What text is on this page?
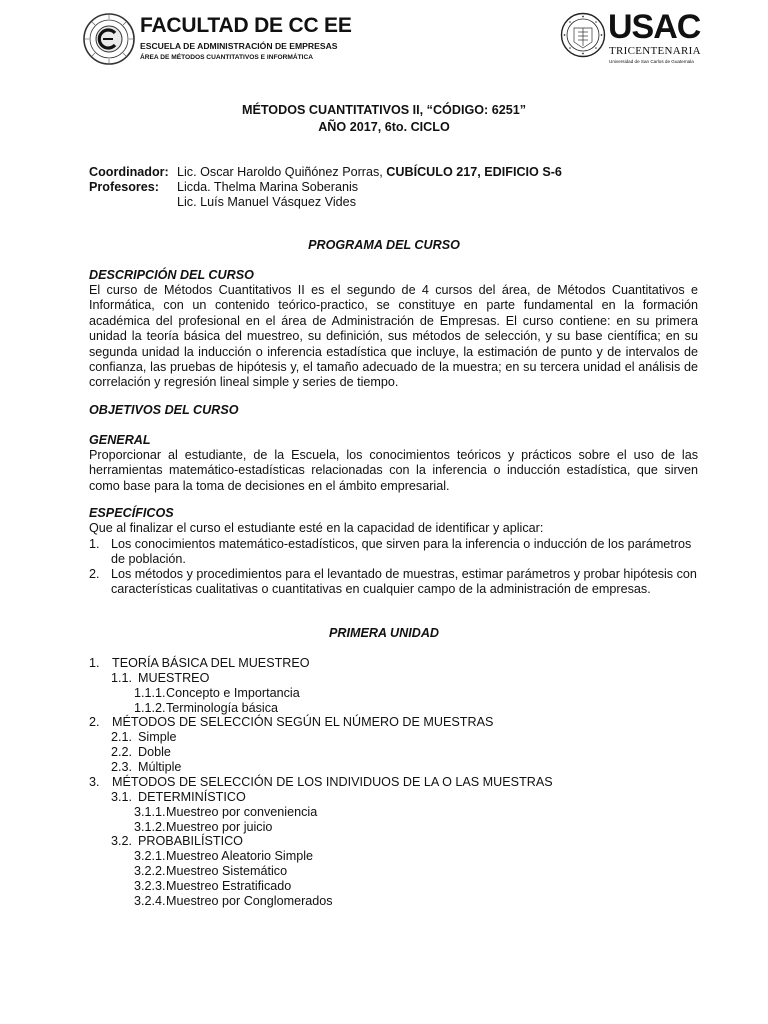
FACULTAD DE CC EE
ESCUELA DE ADMINISTRACIÓN DE EMPRESAS
ÁREA DE MÉTODOS CUANTITATIVOS E INFORMÁTICA
USAC
TRICENTENARIA
Universidad de San Carlos de Guatemala
MÉTODOS CUANTITATIVOS II, “CÓDIGO: 6251”
AÑO 2017, 6to. CICLO
Coordinador: Lic. Oscar Haroldo Quiñónez Porras, CUBÍCULO 217, EDIFICIO S-6
Profesores: Licda. Thelma Marina Soberanis
Lic. Luís Manuel Vásquez Vides
PROGRAMA DEL CURSO
DESCRIPCIÓN DEL CURSO
El curso de Métodos Cuantitativos II es el segundo de 4 cursos del área, de Métodos Cuantitativos e Informática, con un contenido teórico-practico, se constituye en parte fundamental en la formación académica del profesional en el área de Administración de Empresas. El curso contiene: en su primera unidad la teoría básica del muestreo, su definición, sus métodos de selección, y su base científica; en su segunda unidad la inducción o inferencia estadística que incluye, la estimación de punto y de intervalos de confianza, las pruebas de hipótesis y, el tamaño adecuado de la muestra; en su tercera unidad el análisis de correlación y regresión lineal simple y series de tiempo.
OBJETIVOS DEL CURSO
GENERAL
Proporcionar al estudiante, de la Escuela, los conocimientos teóricos y prácticos sobre el uso de las herramientas matemático-estadísticas relacionadas con la inferencia o inducción estadística, que sirven como base para la toma de decisiones en el ámbito empresarial.
ESPECÍFICOS
Que al finalizar el curso el estudiante esté en la capacidad de identificar y aplicar:
1. Los conocimientos matemático-estadísticos, que sirven para la inferencia o inducción de los parámetros
de población.
2. Los métodos y procedimientos para el levantado de muestras, estimar parámetros y probar hipótesis con
características cualitativas o cuantitativas en cualquier campo de la administración de empresas.
PRIMERA UNIDAD
1. TEORÍA BÁSICA DEL MUESTREO
1.1. MUESTREO
1.1.1. Concepto e Importancia
1.1.2. Terminología básica
2. MÉTODOS DE SELECCIÓN SEGÚN EL NÚMERO DE MUESTRAS
2.1. Simple
2.2. Doble
2.3. Múltiple
3. MÉTODOS DE SELECCIÓN DE LOS INDIVIDUOS DE LA O LAS MUESTRAS
3.1. DETERMINÍSTICO
3.1.1. Muestreo por conveniencia
3.1.2. Muestreo por juicio
3.2. PROBABILÍSTICO
3.2.1. Muestreo Aleatorio Simple
3.2.2. Muestreo Sistemático
3.2.3. Muestreo Estratificado
3.2.4. Muestreo por Conglomerados
